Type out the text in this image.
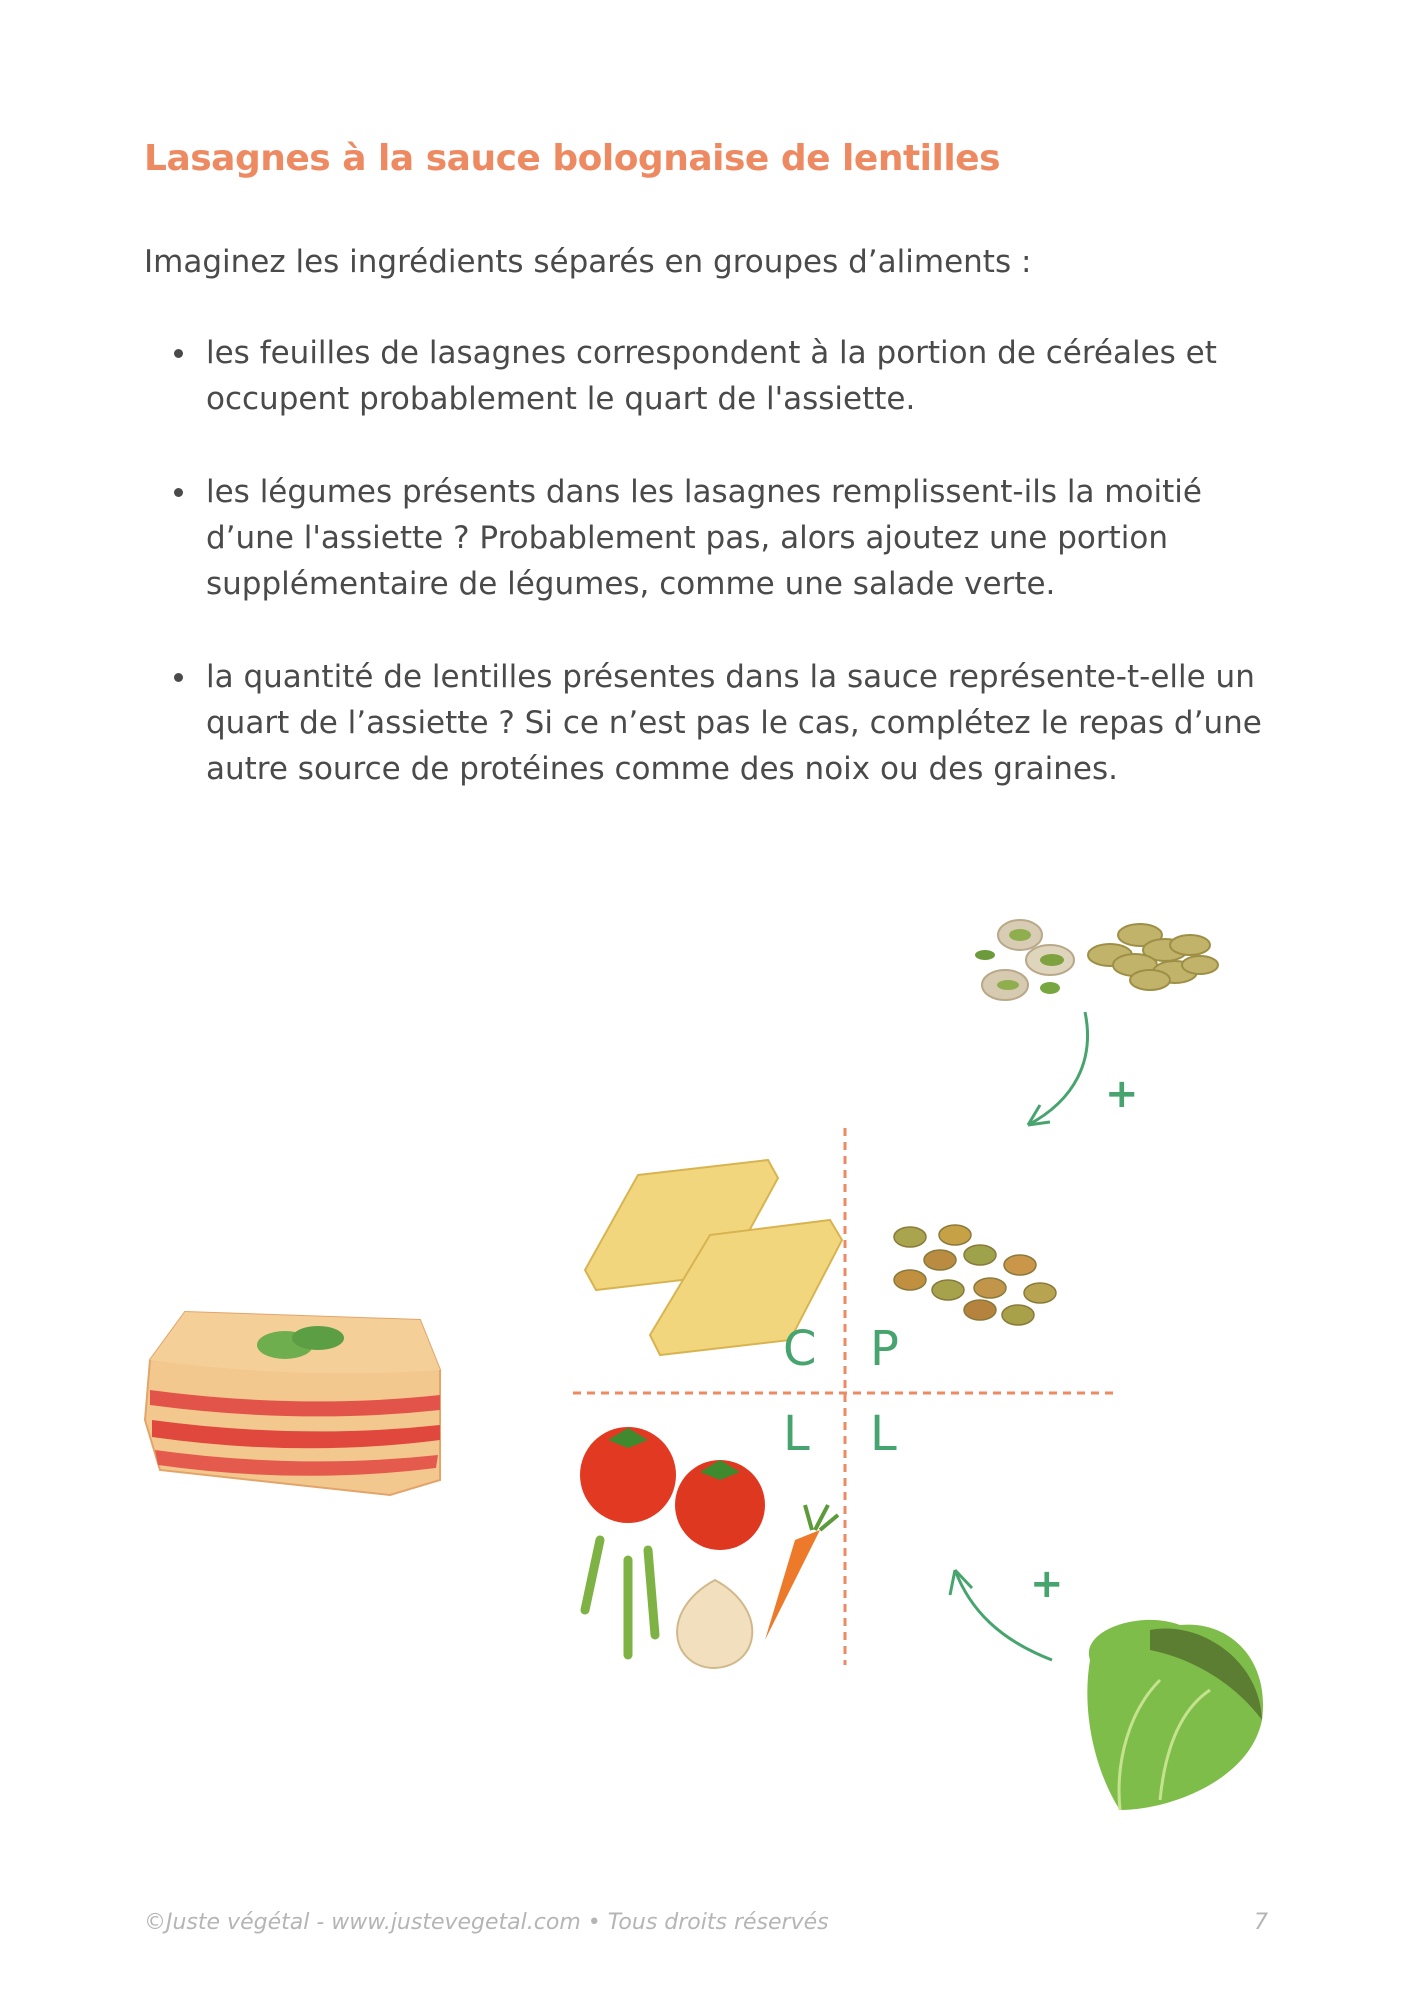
Lasagnes à la sauce bolognaise de lentilles

Imaginez les ingrédients séparés en groupes d’aliments :

les feuilles de lasagnes correspondent à la portion de céréales et occupent probablement le quart de l'assiette.
les légumes présents dans les lasagnes remplissent-ils la moitié d’une l'assiette ? Probablement pas, alors ajoutez une portion supplémentaire de légumes, comme une salade verte.
la quantité de lentilles présentes dans la sauce représente-t-elle un quart de l’assiette ? Si ce n’est pas le cas, complétez le repas d’une autre source de protéines comme des noix ou des graines.
+
C P
L L
+
©Juste végétal - www.justevegetal.com • Tous droits réservés	7
